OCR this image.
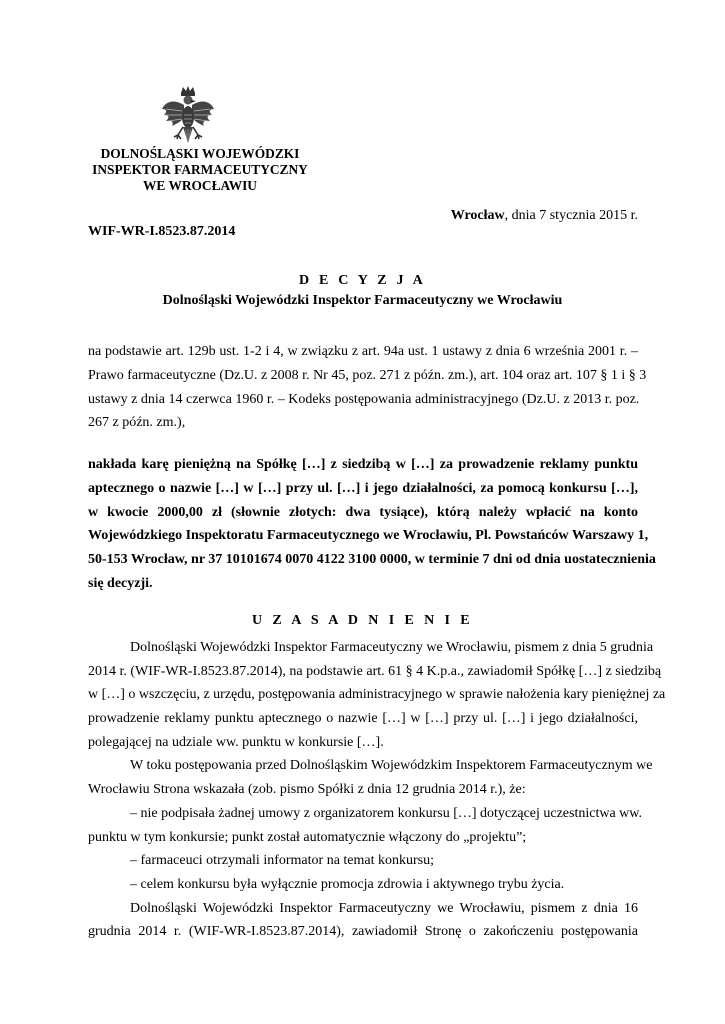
DOLNOŚLĄSKI WOJEWÓDZKI
INSPEKTOR FARMACEUTYCZNY
WE WROCŁAWIU
Wrocław, dnia 7 stycznia 2015 r.
WIF-WR-I.8523.87.2014
D E C Y Z J A
Dolnośląski Wojewódzki Inspektor Farmaceutyczny we Wrocławiu
na podstawie art. 129b ust. 1-2 i 4, w związku z art. 94a ust. 1 ustawy z dnia 6 września 2001 r. –
Prawo farmaceutyczne (Dz.U. z 2008 r. Nr 45, poz. 271 z późn. zm.), art. 104 oraz art. 107 § 1 i § 3
ustawy z dnia 14 czerwca 1960 r. – Kodeks postępowania administracyjnego (Dz.U. z 2013 r. poz.
267 z późn. zm.),
nakłada karę pieniężną na Spółkę […] z siedzibą w […] za prowadzenie reklamy punktu
aptecznego o nazwie […] w […] przy ul. […] i jego działalności, za pomocą konkursu […],
w kwocie 2000,00 zł (słownie złotych: dwa tysiące), którą należy wpłacić na konto
Wojewódzkiego Inspektoratu Farmaceutycznego we Wrocławiu, Pl. Powstańców Warszawy 1,
50-153 Wrocław, nr 37 10101674 0070 4122 3100 0000, w terminie 7 dni od dnia uostatecznienia
się decyzji.
U Z A S A D N I E N I E
Dolnośląski Wojewódzki Inspektor Farmaceutyczny we Wrocławiu, pismem z dnia 5 grudnia
2014 r. (WIF-WR-I.8523.87.2014), na podstawie art. 61 § 4 K.p.a., zawiadomił Spółkę […] z siedzibą
w […] o wszczęciu, z urzędu, postępowania administracyjnego w sprawie nałożenia kary pieniężnej za
prowadzenie reklamy punktu aptecznego o nazwie […] w […] przy ul. […] i jego działalności,
polegającej na udziale ww. punktu w konkursie […].
W toku postępowania przed Dolnośląskim Wojewódzkim Inspektorem Farmaceutycznym we
Wrocławiu Strona wskazała (zob. pismo Spółki z dnia 12 grudnia 2014 r.), że:
– nie podpisała żadnej umowy z organizatorem konkursu […] dotyczącej uczestnictwa ww.
punktu w tym konkursie; punkt został automatycznie włączony do „projektu”;
– farmaceuci otrzymali informator na temat konkursu;
– celem konkursu była wyłącznie promocja zdrowia i aktywnego trybu życia.
Dolnośląski Wojewódzki Inspektor Farmaceutyczny we Wrocławiu, pismem z dnia 16
grudnia 2014 r. (WIF-WR-I.8523.87.2014), zawiadomił Stronę o zakończeniu postępowania
